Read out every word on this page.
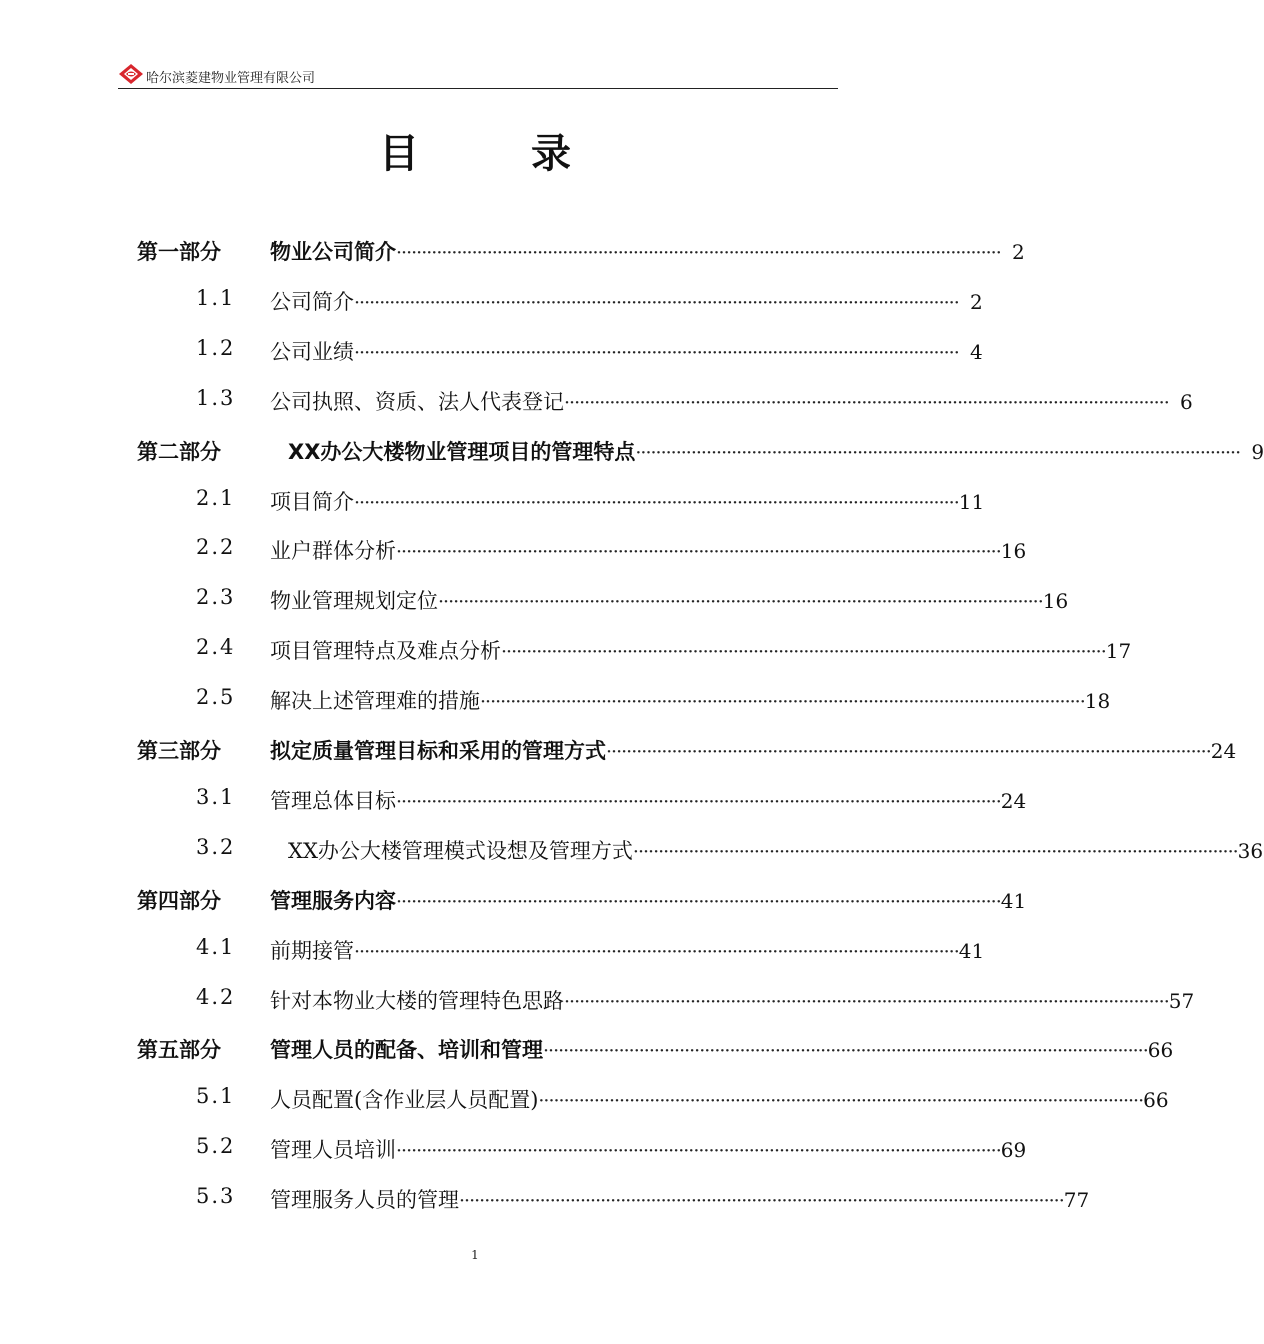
哈尔滨菱建物业管理有限公司
目录
第一部分 物业公司简介 ························································································································ 2
1.1 公司简介 ························································································································ 2
1.2 公司业绩 ························································································································ 4
1.3 公司执照、资质、法人代表登记 ························································································································ 6
第二部分	XX办公大楼物业管理项目的管理特点 ························································································································ 9
2.1 项目简介 ························································································································ 11
2.2 业户群体分析 ························································································································ 16
2.3 物业管理规划定位 ························································································································ 16
2.4 项目管理特点及难点分析 ························································································································ 17
2.5 解决上述管理难的措施 ························································································································ 18
第三部分 拟定质量管理目标和采用的管理方式 ························································································································ 24
3.1 管理总体目标 ························································································································ 24
3.2	XX办公大楼管理模式设想及管理方式 ························································································································ 36
第四部分 管理服务内容 ························································································································ 41
4.1 前期接管 ························································································································ 41
4.2 针对本物业大楼的管理特色思路 ························································································································ 57
第五部分 管理人员的配备、培训和管理 ························································································································ 66
5.1 人员配置(含作业层人员配置) ························································································································ 66
5.2 管理人员培训 ························································································································ 69
5.3 管理服务人员的管理 ························································································································ 77
1
